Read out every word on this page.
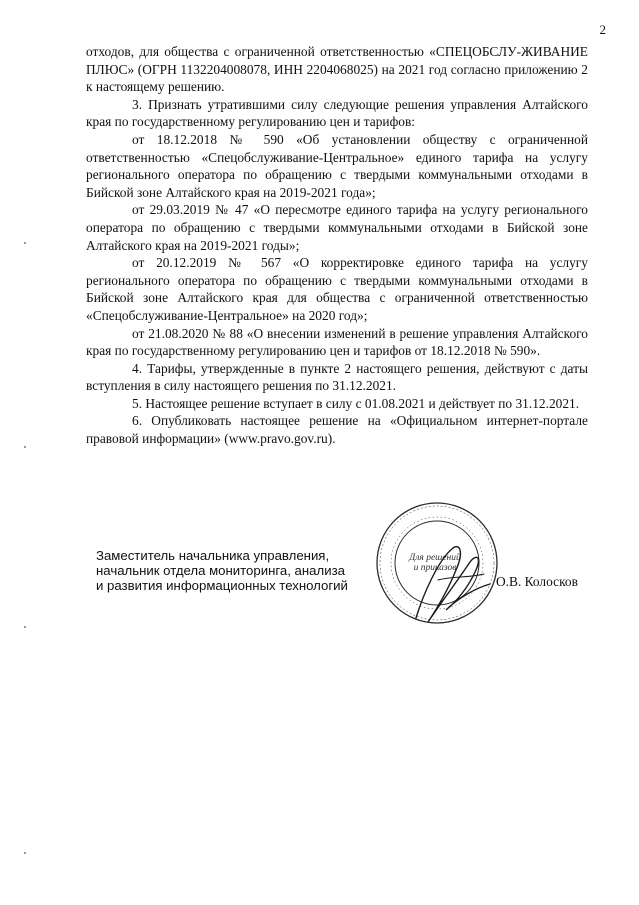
2

отходов, для общества с ограниченной ответственностью «СПЕЦОБСЛУ-ЖИВАНИЕ ПЛЮС» (ОГРН 1132204008078, ИНН 2204068025) на 2021 год согласно приложению 2 к настоящему решению.

3. Признать утратившими силу следующие решения управления Алтайского края по государственному регулированию цен и тарифов:

от 18.12.2018 № 590 «Об установлении обществу с ограниченной ответственностью «Спецобслуживание-Центральное» единого тарифа на услугу регионального оператора по обращению с твердыми коммунальными отходами в Бийской зоне Алтайского края на 2019-2021 года»;

от 29.03.2019 № 47 «О пересмотре единого тарифа на услугу регионального оператора по обращению с твердыми коммунальными отходами в Бийской зоне Алтайского края на 2019-2021 годы»;

от 20.12.2019 № 567 «О корректировке единого тарифа на услугу регионального оператора по обращению с твердыми коммунальными отходами в Бийской зоне Алтайского края для общества с ограниченной ответственностью «Спецобслуживание-Центральное» на 2020 год»;

от 21.08.2020 № 88 «О внесении изменений в решение управления Алтайского края по государственному регулированию цен и тарифов от 18.12.2018 № 590».

4. Тарифы, утвержденные в пункте 2 настоящего решения, действуют с даты вступления в силу настоящего решения по 31.12.2021.

5. Настоящее решение вступает в силу с 01.08.2021 и действует по 31.12.2021.

6. Опубликовать настоящее решение на «Официальном интернет-портале правовой информации» (www.pravo.gov.ru).

Заместитель начальника управления,
начальник отдела мониторинга, анализа
и развития информационных технологий
Для решений
и приказов
О.В. Колосков
